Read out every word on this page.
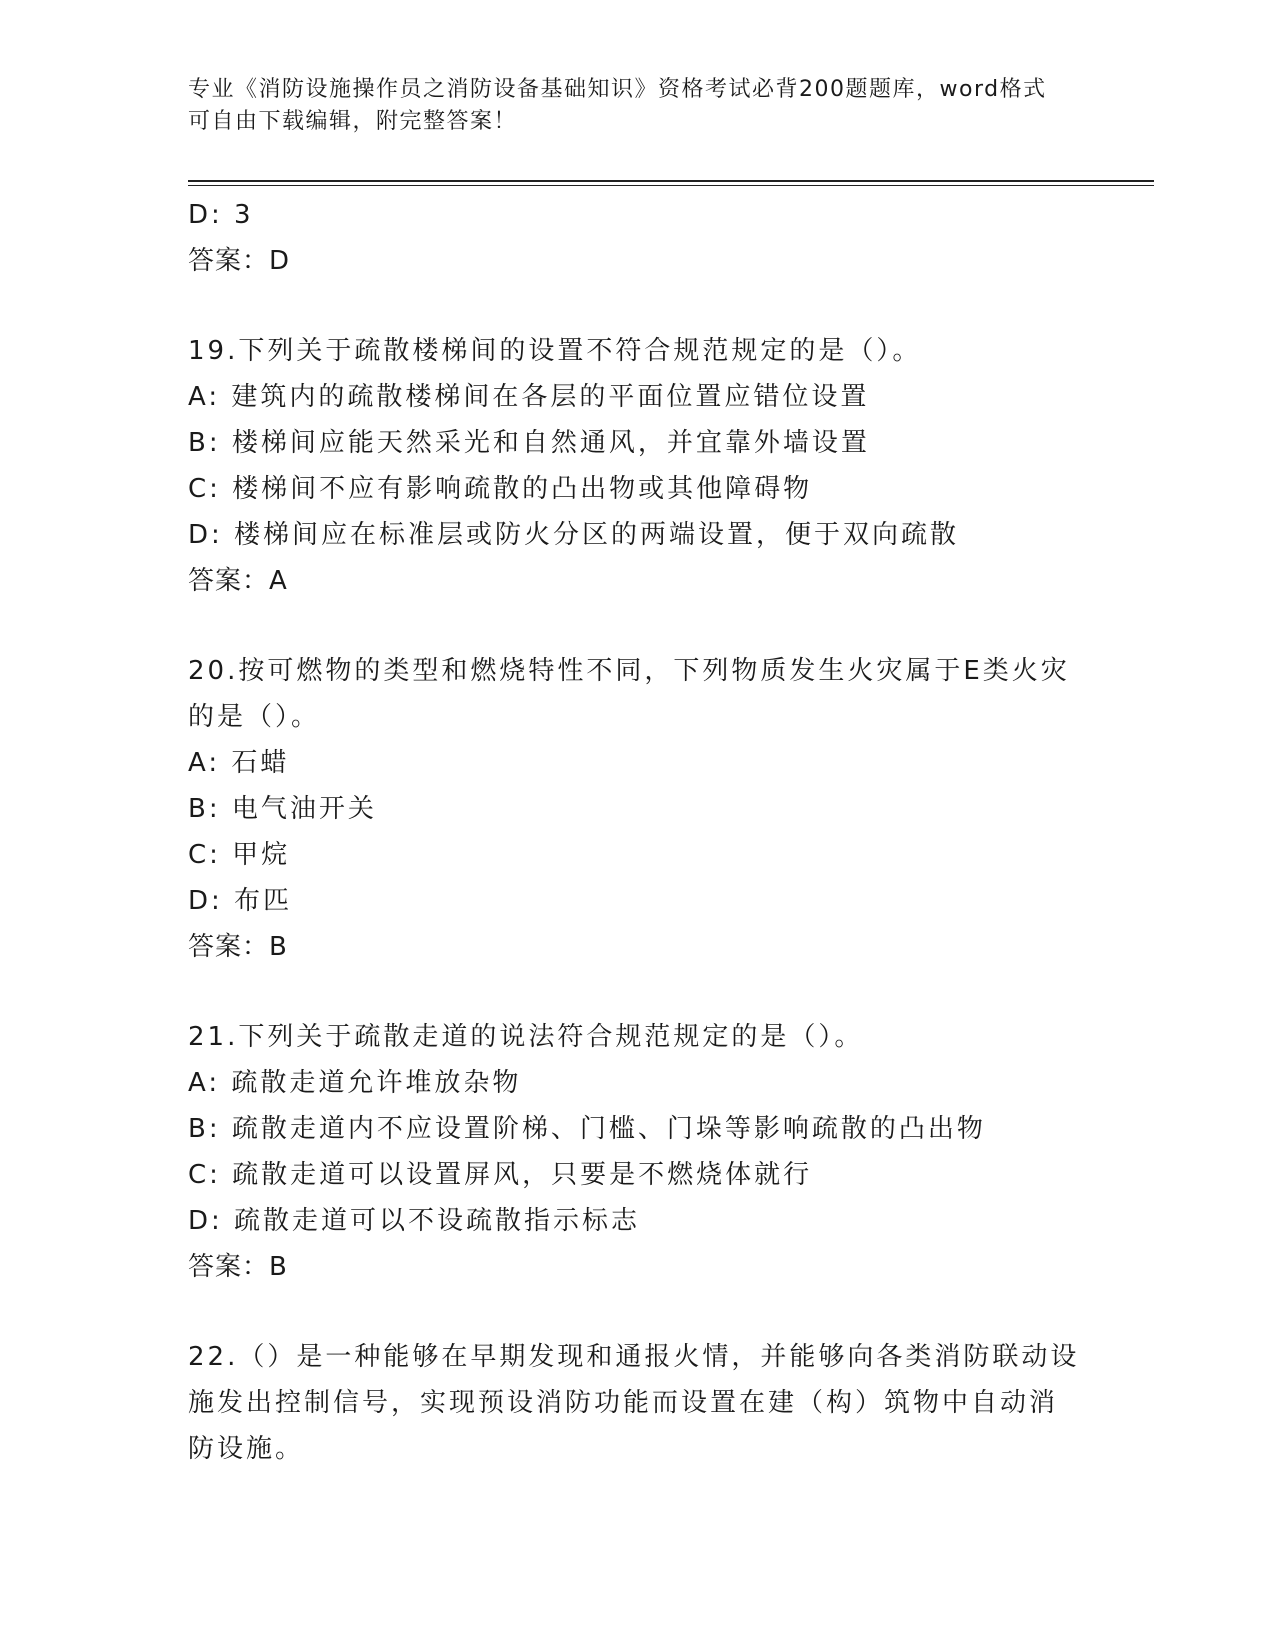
专业《消防设施操作员之消防设备基础知识》资格考试必背200题题库，word格式可自由下载编辑，附完整答案！
D: 3
答案：D
19.下列关于疏散楼梯间的设置不符合规范规定的是（）。
A: 建筑内的疏散楼梯间在各层的平面位置应错位设置
B: 楼梯间应能天然采光和自然通风，并宜靠外墙设置
C: 楼梯间不应有影响疏散的凸出物或其他障碍物
D: 楼梯间应在标准层或防火分区的两端设置，便于双向疏散
答案：A
20.按可燃物的类型和燃烧特性不同，下列物质发生火灾属于E类火灾
的是（）。
A: 石蜡
B: 电气油开关
C: 甲烷
D: 布匹
答案：B
21.下列关于疏散走道的说法符合规范规定的是（）。
A: 疏散走道允许堆放杂物
B: 疏散走道内不应设置阶梯、门槛、门垛等影响疏散的凸出物
C: 疏散走道可以设置屏风，只要是不燃烧体就行
D: 疏散走道可以不设疏散指示标志
答案：B
22.（）是一种能够在早期发现和通报火情，并能够向各类消防联动设
施发出控制信号，实现预设消防功能而设置在建（构）筑物中自动消
防设施。
